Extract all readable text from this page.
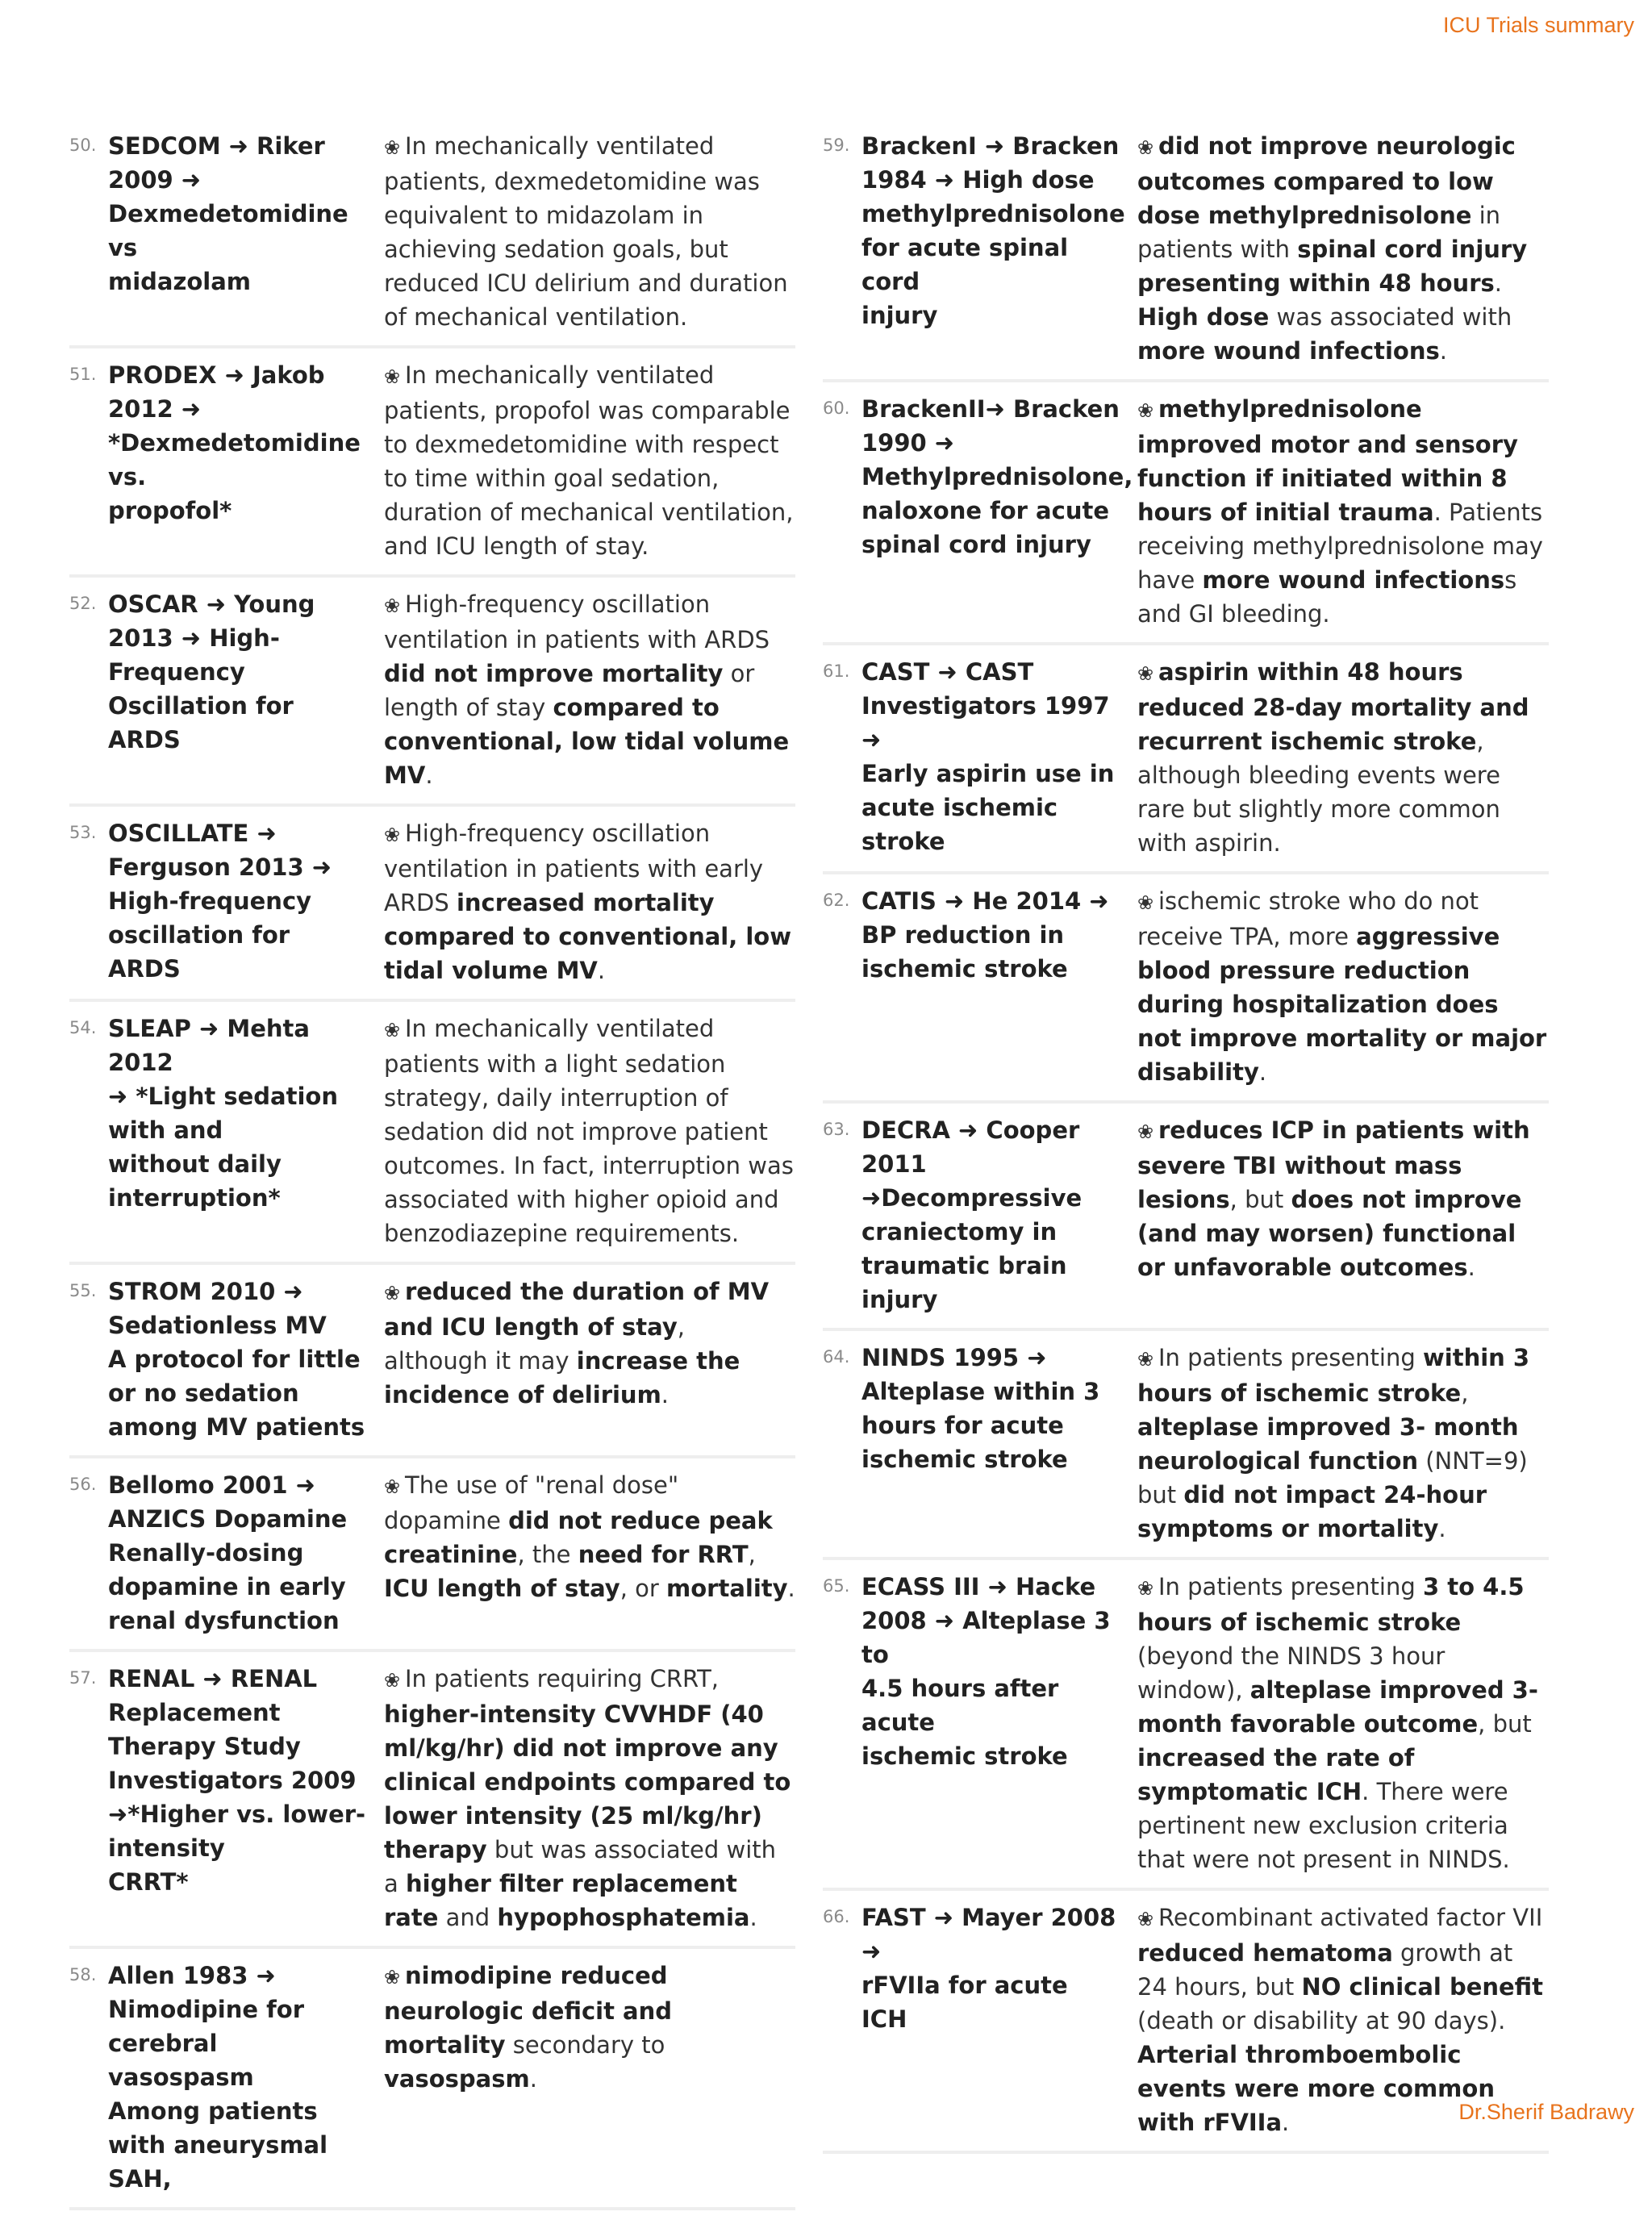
ICU Trials summary
50. SEDCOM ➜ Riker
2009 ➜
Dexmedetomidine
vs
midazolam
❀ In mechanically ventilated patients, dexmedetomidine was equivalent to midazolam in achieving sedation goals, but reduced ICU delirium and duration of mechanical ventilation.
51. PRODEX ➜ Jakob
2012 ➜
*Dexmedetomidine
vs.
propofol*
❀ In mechanically ventilated patients, propofol was comparable to dexmedetomidine with respect to time within goal sedation, duration of mechanical ventilation, and ICU length of stay.
52. OSCAR ➜ Young
2013 ➜ High-
Frequency
Oscillation for
ARDS
❀ High-frequency oscillation ventilation in patients with ARDS did not improve mortality or length of stay compared to conventional, low tidal volume MV.
53. OSCILLATE ➜
Ferguson 2013 ➜
High-frequency
oscillation for ARDS
❀ High-frequency oscillation ventilation in patients with early ARDS increased mortality compared to conventional, low tidal volume MV.
54. SLEAP ➜ Mehta 2012
➜ *Light sedation
with and
without daily
interruption*
❀ In mechanically ventilated patients with a light sedation strategy, daily interruption of sedation did not improve patient outcomes. In fact, interruption was associated with higher opioid and benzodiazepine requirements.
55. STROM 2010 ➜
Sedationless MV
A protocol for little
or no sedation
among MV patients
❀ reduced the duration of MV and ICU length of stay, although it may increase the incidence of delirium.
56. Bellomo 2001 ➜
ANZICS Dopamine
Renally-dosing
dopamine in early
renal dysfunction
❀ The use of "renal dose" dopamine did not reduce peak creatinine, the need for RRT, ICU length of stay, or mortality.
57. RENAL ➜ RENAL
Replacement
Therapy Study
Investigators 2009
➜*Higher vs. lower-
intensity
CRRT*
❀ In patients requiring CRRT, higher-intensity CVVHDF (40 ml/kg/hr) did not improve any clinical endpoints compared to lower intensity (25 ml/kg/hr) therapy but was associated with a higher filter replacement rate and hypophosphatemia.
58. Allen 1983 ➜
Nimodipine for
cerebral vasospasm
Among patients
with aneurysmal
SAH,
❀ nimodipine reduced neurologic deficit and mortality secondary to vasospasm.
59. BrackenI ➜ Bracken
1984 ➜ High dose
methylprednisolone
for acute spinal cord
injury
❀ did not improve neurologic outcomes compared to low dose methylprednisolone in patients with spinal cord injury presenting within 48 hours. High dose was associated with more wound infections.
60. BrackenII➜ Bracken
1990 ➜
Methylprednisolone,
naloxone for acute
spinal cord injury
❀ methylprednisolone improved motor and sensory function if initiated within 8 hours of initial trauma. Patients receiving methylprednisolone may have more wound infectionss and GI bleeding.
61. CAST ➜ CAST
Investigators 1997 ➜
Early aspirin use in
acute ischemic
stroke
❀ aspirin within 48 hours reduced 28-day mortality and recurrent ischemic stroke, although bleeding events were rare but slightly more common with aspirin.
62. CATIS ➜ He 2014 ➜
BP reduction in
ischemic stroke
❀ ischemic stroke who do not receive TPA, more aggressive blood pressure reduction during hospitalization does not improve mortality or major disability.
63. DECRA ➜ Cooper
2011
➜Decompressive
craniectomy in
traumatic brain
injury
❀ reduces ICP in patients with severe TBI without mass lesions, but does not improve (and may worsen) functional or unfavorable outcomes.
64. NINDS 1995 ➜
Alteplase within 3
hours for acute
ischemic stroke
❀ In patients presenting within 3 hours of ischemic stroke, alteplase improved 3- month neurological function (NNT=9) but did not impact 24-hour symptoms or mortality.
65. ECASS III ➜ Hacke
2008 ➜ Alteplase 3 to
4.5 hours after acute
ischemic stroke
❀ In patients presenting 3 to 4.5 hours of ischemic stroke (beyond the NINDS 3 hour window), alteplase improved 3-month favorable outcome, but increased the rate of symptomatic ICH. There were pertinent new exclusion criteria that were not present in NINDS.
66. FAST ➜ Mayer 2008 ➜
rFVIIa for acute ICH
❀ Recombinant activated factor VII reduced hematoma growth at 24 hours, but NO clinical benefit (death or disability at 90 days). Arterial thromboembolic events were more common with rFVIIa.	Dr.Sherif Badrawy
